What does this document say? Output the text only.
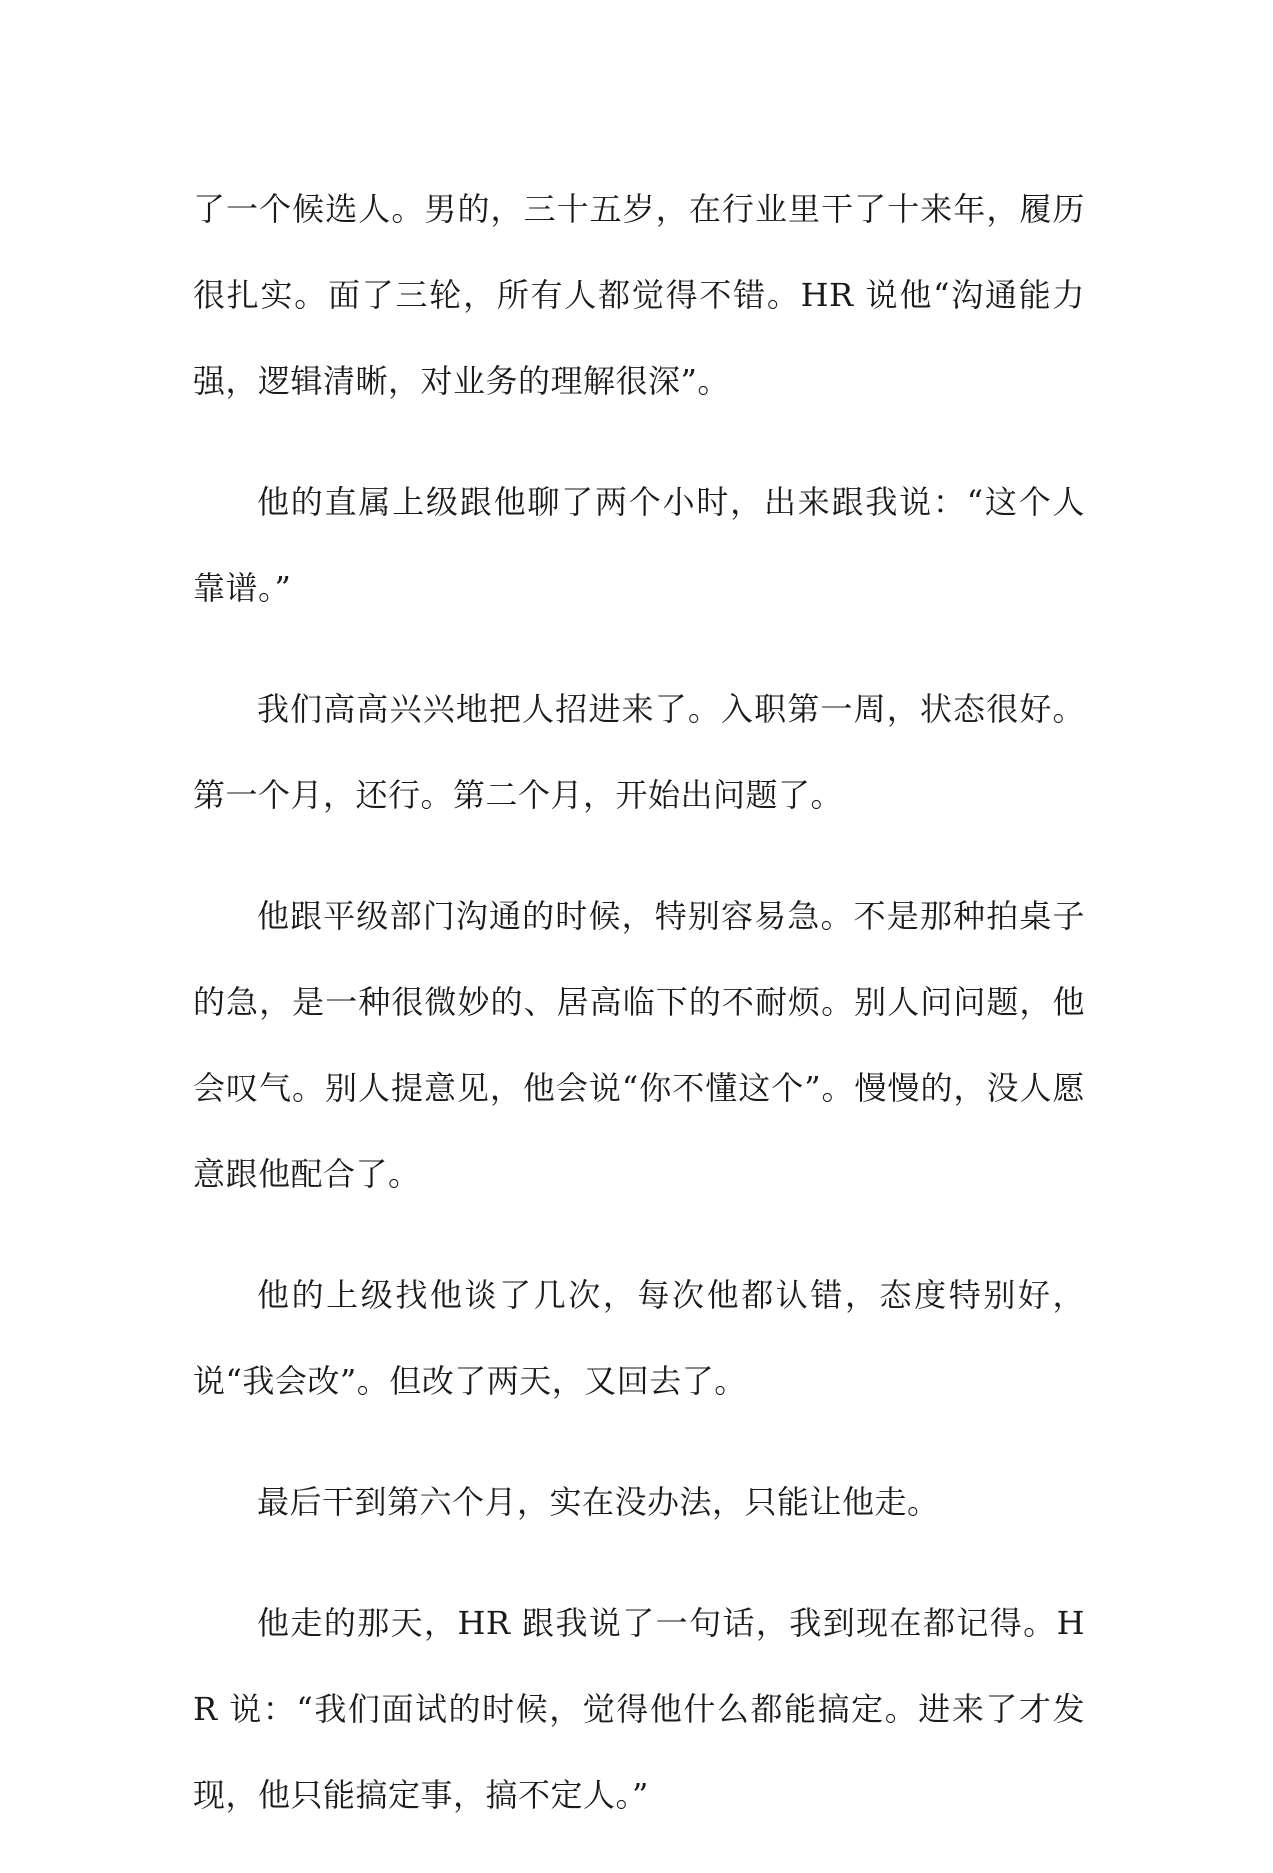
了一个候选人。男的，三十五岁，在行业里干了十来年，履历很扎实。面了三轮，所有人都觉得不错。HR 说他“沟通能力强，逻辑清晰，对业务的理解很深”。

他的直属上级跟他聊了两个小时，出来跟我说：“这个人靠谱。”

我们高高兴兴地把人招进来了。入职第一周，状态很好。第一个月，还行。第二个月，开始出问题了。

他跟平级部门沟通的时候，特别容易急。不是那种拍桌子的急，是一种很微妙的、居高临下的不耐烦。别人问问题，他会叹气。别人提意见，他会说“你不懂这个”。慢慢的，没人愿意跟他配合了。

他的上级找他谈了几次，每次他都认错，态度特别好，说“我会改”。但改了两天，又回去了。

最后干到第六个月，实在没办法，只能让他走。

他走的那天，HR 跟我说了一句话，我到现在都记得。HR 说：“我们面试的时候，觉得他什么都能搞定。进来了才发现，他只能搞定事，搞不定人。”
